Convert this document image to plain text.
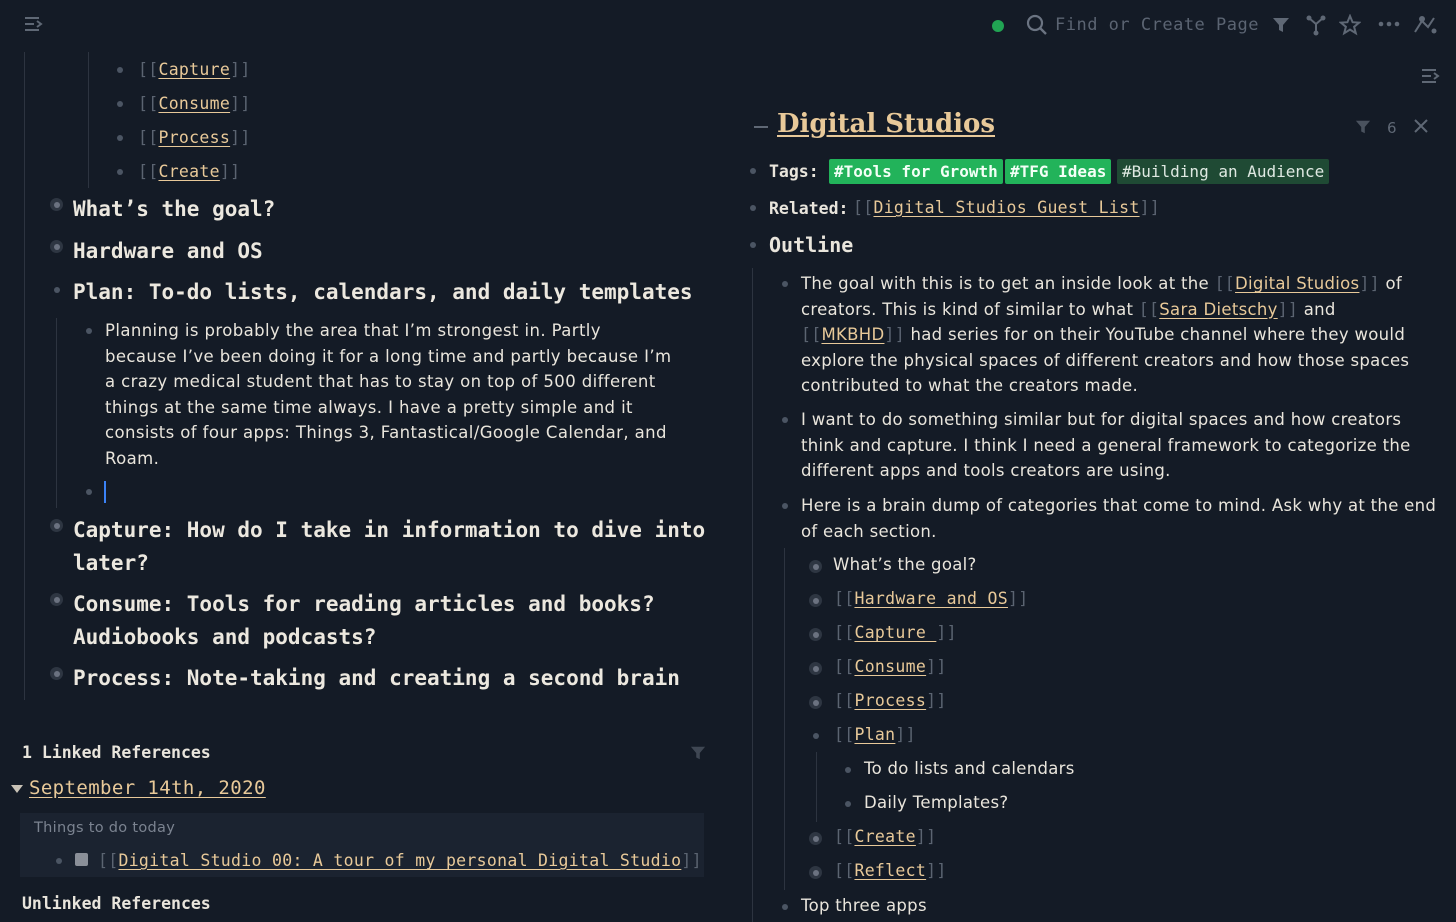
Find or Create Page
[[Capture]]
[[Consume]]
[[Process]]
[[Create]]
What’s the goal?
Hardware and OS
Plan: To-do lists, calendars, and daily templates
Planning is probably the area that I’m strongest in. Partly
because I’ve been doing it for a long time and partly because I’m
a crazy medical student that has to stay on top of 500 different
things at the same time always. I have a pretty simple and it
consists of four apps: Things 3, Fantastical/Google Calendar, and
Roam.
Capture: How do I take in information to dive into
later?
Consume: Tools for reading articles and books?
Audiobooks and podcasts?
Process: Note-taking and creating a second brain
1 Linked References
September 14th, 2020
Things to do today
[[Digital Studio 00: A tour of my personal Digital Studio]]
Unlinked References
Digital Studios	6
Tags: #Tools for Growth #TFG Ideas #Building an Audience
Related: [[Digital Studios Guest List]]
Outline
The goal with this is to get an inside look at the [[Digital Studios]] of
creators. This is kind of similar to what [[Sara Dietschy]] and
[[MKBHD]] had series for on their YouTube channel where they would
explore the physical spaces of different creators and how those spaces
contributed to what the creators made.
I want to do something similar but for digital spaces and how creators
think and capture. I think I need a general framework to categorize the
different apps and tools creators are using.
Here is a brain dump of categories that come to mind. Ask why at the end
of each section.
What’s the goal?
[[Hardware and OS]]
[[Capture ]]
[[Consume]]
[[Process]]
[[Plan]]
To do lists and calendars
Daily Templates?
[[Create]]
[[Reflect]]
Top three apps
